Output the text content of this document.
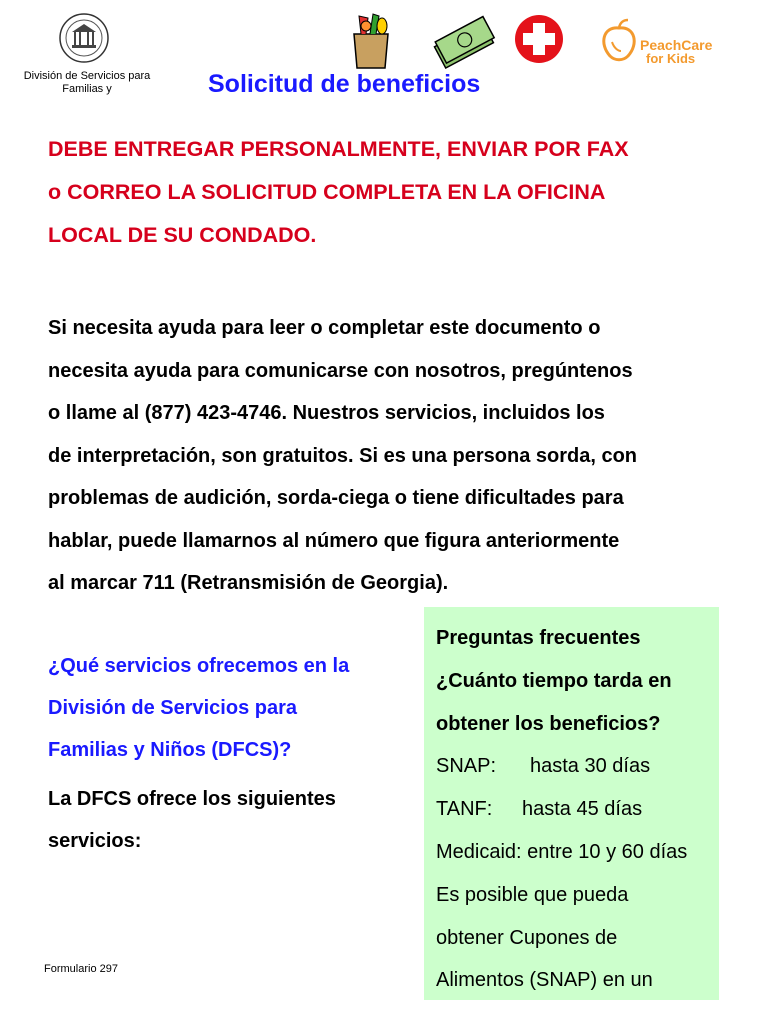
División de Servicios para Familias y	Solicitud de beneficios
PeachCare
for Kids
DEBE ENTREGAR PERSONALMENTE, ENVIAR POR FAX
o CORREO LA SOLICITUD COMPLETA EN LA OFICINA
LOCAL DE SU CONDADO.
Si necesita ayuda para leer o completar este documento o
necesita ayuda para comunicarse con nosotros, pregúntenos
o llame al (877) 423-4746. Nuestros servicios, incluidos los
de interpretación, son gratuitos. Si es una persona sorda, con
problemas de audición, sorda-ciega o tiene dificultades para
hablar, puede llamarnos al número que figura anteriormente
al marcar 711 (Retransmisión de Georgia).
¿Qué servicios ofrecemos en la
División de Servicios para
Familias y Niños (DFCS)?
La DFCS ofrece los siguientes
servicios:
Formulario 297
Preguntas frecuentes
¿Cuánto tiempo tarda en
obtener los beneficios?
SNAP: hasta 30 días
TANF: hasta 45 días
Medicaid: entre 10 y 60 días
Es posible que pueda
obtener Cupones de
Alimentos (SNAP) en un
